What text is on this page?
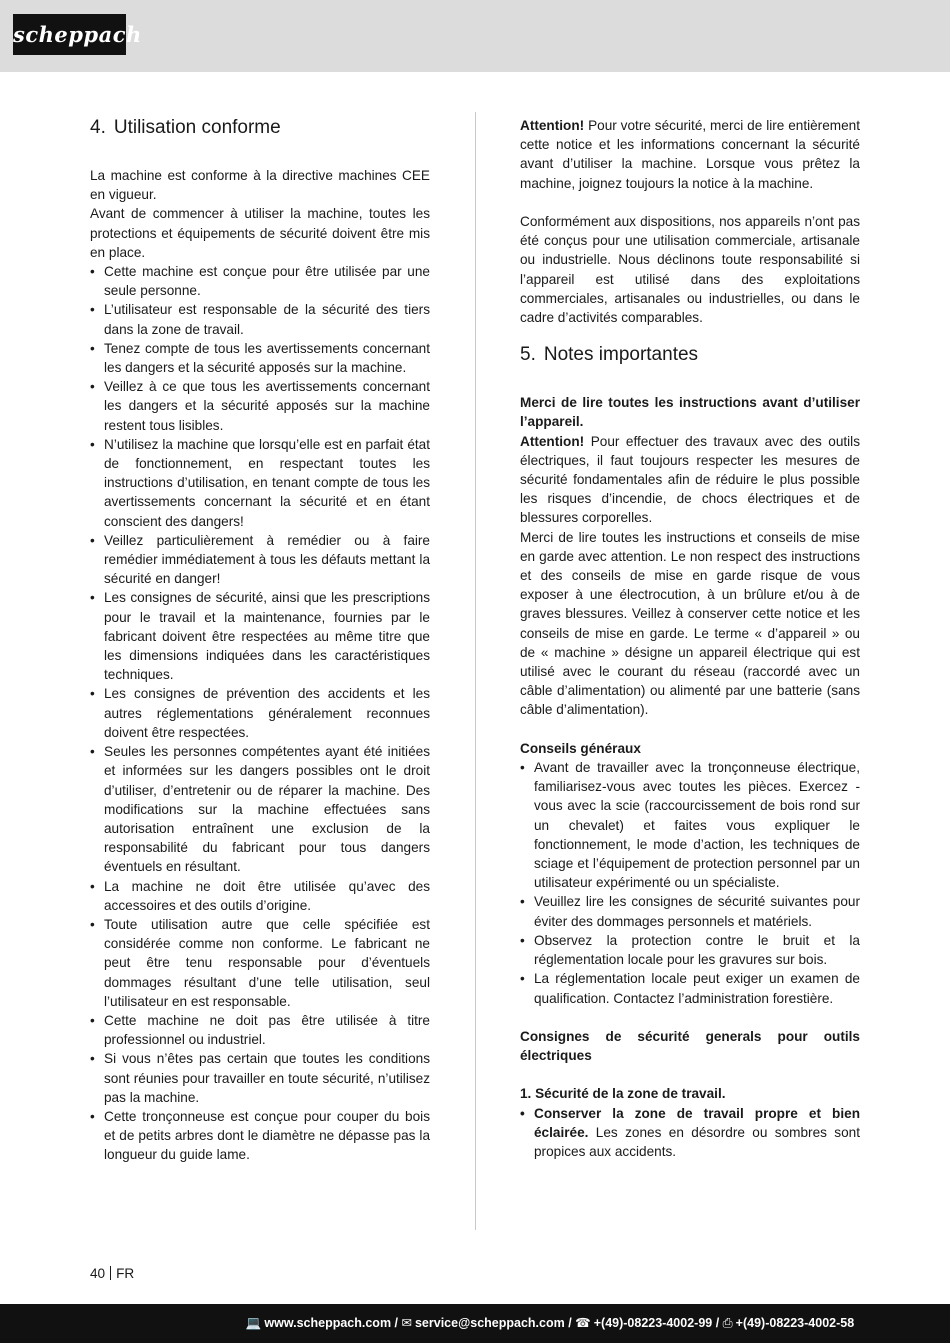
scheppach
4. Utilisation conforme

La machine est conforme à la directive machines CEE en vigueur.

Avant de commencer à utiliser la machine, toutes les protections et équipements de sécurité doivent être mis en place.

• Cette machine est conçue pour être utilisée par une seule personne.
• L’utilisateur est responsable de la sécurité des tiers dans la zone de travail.
• Tenez compte de tous les avertissements concernant les dangers et la sécurité apposés sur la machine.
• Veillez à ce que tous les avertissements concernant les dangers et la sécurité apposés sur la machine restent tous lisibles.
• N’utilisez la machine que lorsqu’elle est en parfait état de fonctionnement, en respectant toutes les instructions d’utilisation, en tenant compte de tous les avertissements concernant la sécurité et en étant conscient des dangers!
• Veillez particulièrement à remédier ou à faire remédier immédiatement à tous les défauts mettant la sécurité en danger!
• Les consignes de sécurité, ainsi que les prescriptions pour le travail et la maintenance, fournies par le fabricant doivent être respectées au même titre que les dimensions indiquées dans les caractéristiques techniques.
• Les consignes de prévention des accidents et les autres réglementations généralement reconnues doivent être respectées.
• Seules les personnes compétentes ayant été initiées et informées sur les dangers possibles ont le droit d’utiliser, d’entretenir ou de réparer la machine. Des modifications sur la machine effectuées sans autorisation entraînent une exclusion de la responsabilité du fabricant pour tous dangers éventuels en résultant.
• La machine ne doit être utilisée qu’avec des accessoires et des outils d’origine.
• Toute utilisation autre que celle spécifiée est considérée comme non conforme. Le fabricant ne peut être tenu responsable pour d’éventuels dommages résultant d’une telle utilisation, seul l’utilisateur en est responsable.
• Cette machine ne doit pas être utilisée à titre professionnel ou industriel.
• Si vous n’êtes pas certain que toutes les conditions sont réunies pour travailler en toute sécurité, n’utilisez pas la machine.
• Cette tronçonneuse est conçue pour couper du bois et de petits arbres dont le diamètre ne dépasse pas la longueur du guide lame.

Attention! Pour votre sécurité, merci de lire entièrement cette notice et les informations concernant la sécurité avant d’utiliser la machine. Lorsque vous prêtez la machine, joignez toujours la notice à la machine.

Conformément aux dispositions, nos appareils n’ont pas été conçus pour une utilisation commerciale, artisanale ou industrielle. Nous déclinons toute responsabilité si l’appareil est utilisé dans des exploitations commerciales, artisanales ou industrielles, ou dans le cadre d’activités comparables.

5. Notes importantes

Merci de lire toutes les instructions avant d’utiliser l’appareil.

Attention! Pour effectuer des travaux avec des outils électriques, il faut toujours respecter les mesures de sécurité fondamentales afin de réduire le plus possible les risques d’incendie, de chocs électriques et de blessures corporelles.

Merci de lire toutes les instructions et conseils de mise en garde avec attention. Le non respect des instructions et des conseils de mise en garde risque de vous exposer à une électrocution, à un brûlure et/ou à de graves blessures. Veillez à conserver cette notice et les conseils de mise en garde. Le terme « d’appareil » ou de « machine » désigne un appareil électrique qui est utilisé avec le courant du réseau (raccordé avec un câble d’alimentation) ou alimenté par une batterie (sans câble d’alimentation).

Conseils généraux

• Avant de travailler avec la tronçonneuse électrique, familiarisez-vous avec toutes les pièces. Exercez -vous avec la scie (raccourcissement de bois rond sur un chevalet) et faites vous expliquer le fonctionnement, le mode d’action, les techniques de sciage et l’équipement de protection personnel par un utilisateur expérimenté ou un spécialiste.
• Veuillez lire les consignes de sécurité suivantes pour éviter des dommages personnels et matériels.
• Observez la protection contre le bruit et la réglementation locale pour les gravures sur bois.
• La réglementation locale peut exiger un examen de qualification. Contactez l’administration forestière.

Consignes de sécurité generals pour outils électriques

1. Sécurité de la zone de travail.

• Conserver la zone de travail propre et bien éclairée. Les zones en désordre ou sombres sont propices aux accidents.
40 FR
💻 www.scheppach.com / ✉ service@scheppach.com / ☎ +(49)-08223-4002-99 / ⎙ +(49)-08223-4002-58
